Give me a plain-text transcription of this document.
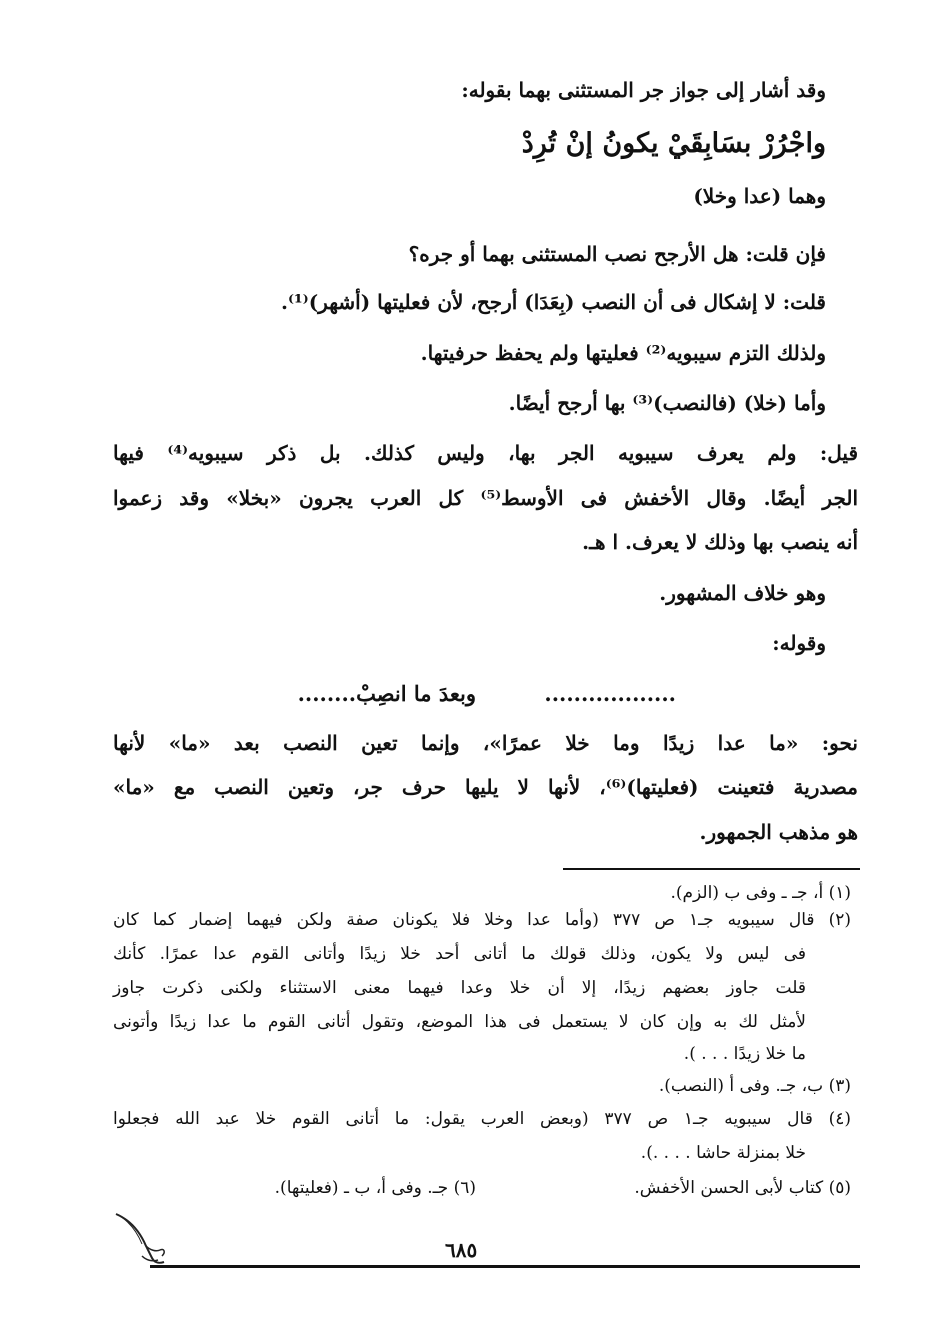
وقد أشار إلى جواز جر المستثنى بهما بقوله:
واجْرُرْ بسَابِقَيْ يكونُ إنْ تُرِدْ
وهما (عدا وخلا)
فإن قلت: هل الأرجح نصب المستثنى بهما أو جره؟
قلت: لا إشكال فى أن النصب (بِعَدَا) أرجح، لأن فعليتها (أشهر)⁽¹⁾.
ولذلك التزم سيبويه⁽²⁾ فعليتها ولم يحفظ حرفيتها.
وأما (خلا) (فالنصب)⁽³⁾ بها أرجح أيضًا.
قيل: ولم يعرف سيبويه الجر بها، وليس كذلك. بل ذكر سيبويه⁽⁴⁾ فيها
الجر أيضًا. وقال الأخفش فى الأوسط⁽⁵⁾ كل العرب يجرون «بخلا» وقد زعموا
أنه ينصب بها وذلك لا يعرف. ا هـ.
وهو خلاف المشهور.
وقوله:
وبعدَ ما انصِبْ........	..................
نحو: «ما عدا زيدًا وما خلا عمرًا»، وإنما تعين النصب بعد «ما» لأنها
مصدرية فتعينت (فعليتها)⁽⁶⁾، لأنها لا يليها حرف جر، وتعين النصب مع «ما»
هو مذهب الجمهور.
(١) أ، جـ ـ وفى ب (الزم).
(٢) قال سيبويه جـ١ ص ٣٧٧ (وأما عدا وخلا فلا يكونان صفة ولكن فيهما إضمار كما كان
فى ليس ولا يكون، وذلك قولك ما أتانى أحد خلا زيدًا وأتانى القوم عدا عمرًا. كأنك
قلت جاوز بعضهم زيدًا، إلا أن خلا وعدا فيهما معنى الاستثناء ولكنى ذكرت جاوز
لأمثل لك به وإن كان لا يستعمل فى هذا الموضع، وتقول أتانى القوم ما عدا زيدًا وأتونى
ما خلا زيدًا . . . ).
(٣) ب، جـ. وفى أ (النصب).
(٤) قال سيبويه جـ١ ص ٣٧٧ (وبعض العرب يقول: ما أتانى القوم خلا عبد الله فجعلوا
خلا بمنزلة حاشا . . . .).
(٥) كتاب لأبى الحسن الأخفش.
(٦) جـ. وفى أ، ب ـ (فعليتها).
٦٨٥
